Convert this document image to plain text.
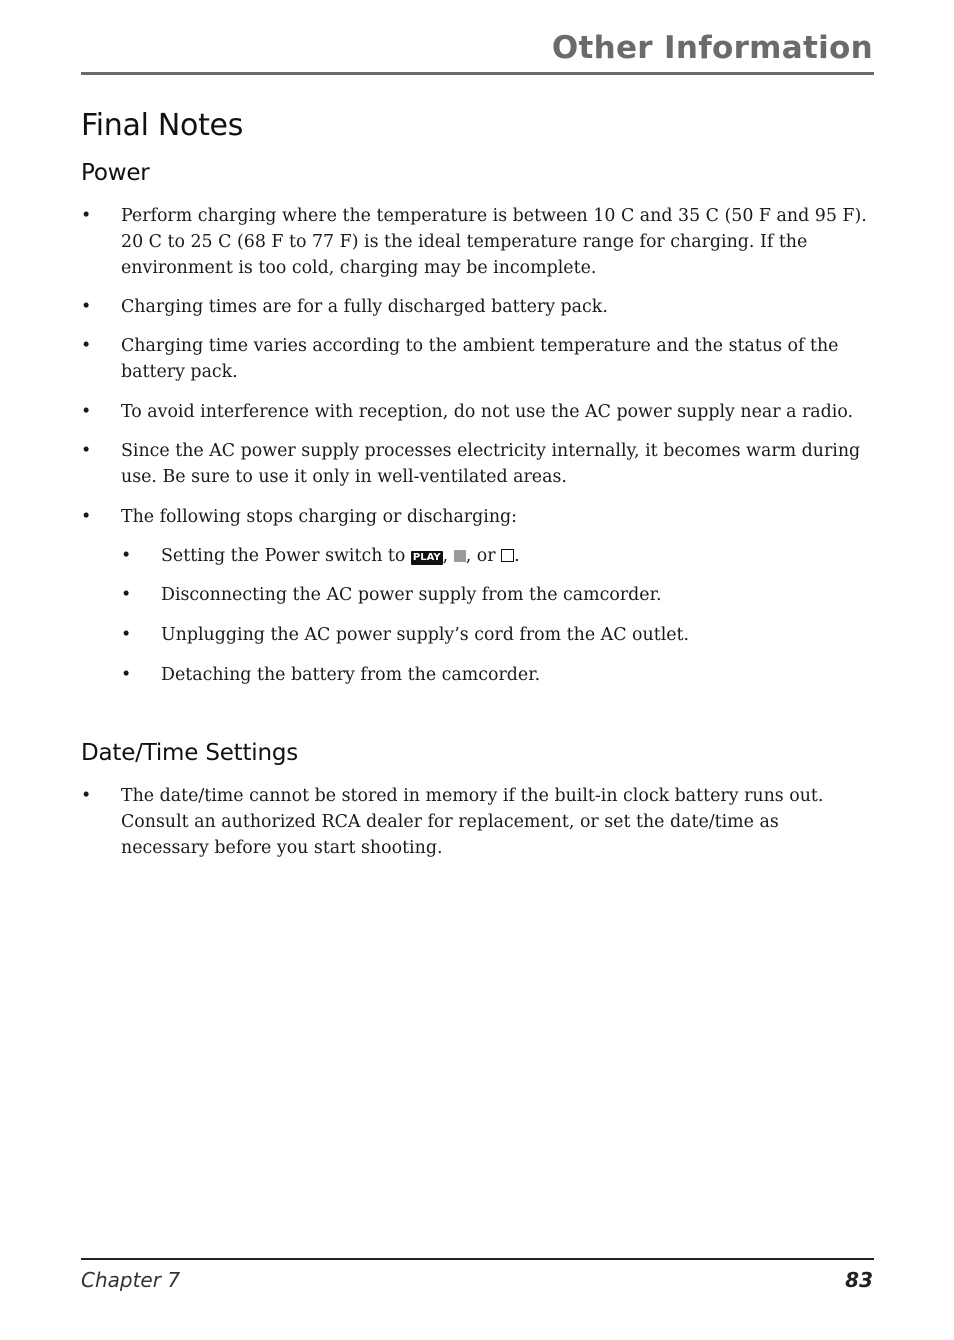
Other Information
Final Notes
Power
• Perform charging where the temperature is between 10 C and 35 C (50 F and 95 F). 20 C to 25 C (68 F to 77 F) is the ideal temperature range for charging. If the environment is too cold, charging may be incomplete.
• Charging times are for a fully discharged battery pack.
• Charging time varies according to the ambient temperature and the status of the battery pack.
• To avoid interference with reception, do not use the AC power supply near a radio.
• Since the AC power supply processes electricity internally, it becomes warm during use. Be sure to use it only in well-ventilated areas.
• The following stops charging or discharging:
• Setting the Power switch to PLAY , , or .
• Disconnecting the AC power supply from the camcorder.
• Unplugging the AC power supply’s cord from the AC outlet.
• Detaching the battery from the camcorder.
Date/Time Settings
• The date/time cannot be stored in memory if the built-in clock battery runs out. Consult an authorized RCA dealer for replacement, or set the date/time as necessary before you start shooting.
Chapter 7	83
